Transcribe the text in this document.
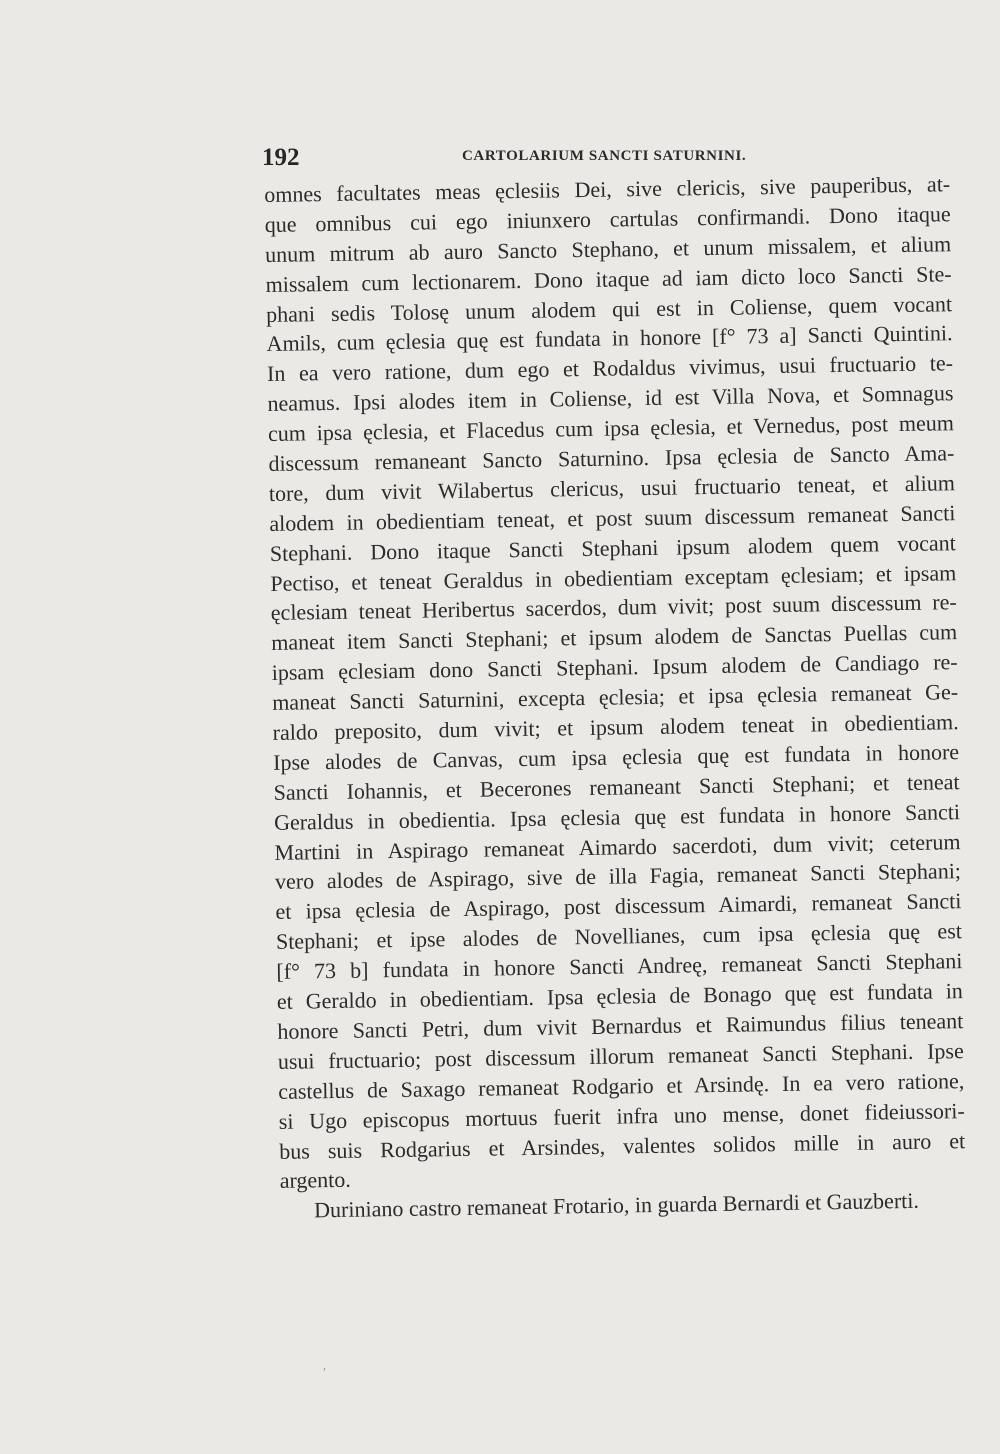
192	CARTOLARIUM SANCTI SATURNINI.
omnes facultates meas ęclesiis Dei, sive clericis, sive pauperibus, at-
que omnibus cui ego iniunxero cartulas confirmandi. Dono itaque
unum mitrum ab auro Sancto Stephano, et unum missalem, et alium
missalem cum lectionarem. Dono itaque ad iam dicto loco Sancti Ste-
phani sedis Tolosę unum alodem qui est in Coliense, quem vocant
Amils, cum ęclesia quę est fundata in honore [f° 73 a] Sancti Quintini.
In ea vero ratione, dum ego et Rodaldus vivimus, usui fructuario te-
neamus. Ipsi alodes item in Coliense, id est Villa Nova, et Somnagus
cum ipsa ęclesia, et Flacedus cum ipsa ęclesia, et Vernedus, post meum
discessum remaneant Sancto Saturnino. Ipsa ęclesia de Sancto Ama-
tore, dum vivit Wilabertus clericus, usui fructuario teneat, et alium
alodem in obedientiam teneat, et post suum discessum remaneat Sancti
Stephani. Dono itaque Sancti Stephani ipsum alodem quem vocant
Pectiso, et teneat Geraldus in obedientiam exceptam ęclesiam; et ipsam
ęclesiam teneat Heribertus sacerdos, dum vivit; post suum discessum re-
maneat item Sancti Stephani; et ipsum alodem de Sanctas Puellas cum
ipsam ęclesiam dono Sancti Stephani. Ipsum alodem de Candiago re-
maneat Sancti Saturnini, excepta ęclesia; et ipsa ęclesia remaneat Ge-
raldo preposito, dum vivit; et ipsum alodem teneat in obedientiam.
Ipse alodes de Canvas, cum ipsa ęclesia quę est fundata in honore
Sancti Iohannis, et Becerones remaneant Sancti Stephani; et teneat
Geraldus in obedientia. Ipsa ęclesia quę est fundata in honore Sancti
Martini in Aspirago remaneat Aimardo sacerdoti, dum vivit; ceterum
vero alodes de Aspirago, sive de illa Fagia, remaneat Sancti Stephani;
et ipsa ęclesia de Aspirago, post discessum Aimardi, remaneat Sancti
Stephani; et ipse alodes de Novellianes, cum ipsa ęclesia quę est
[f° 73 b] fundata in honore Sancti Andreę, remaneat Sancti Stephani
et Geraldo in obedientiam. Ipsa ęclesia de Bonago quę est fundata in
honore Sancti Petri, dum vivit Bernardus et Raimundus filius teneant
usui fructuario; post discessum illorum remaneat Sancti Stephani. Ipse
castellus de Saxago remaneat Rodgario et Arsindę. In ea vero ratione,
si Ugo episcopus mortuus fuerit infra uno mense, donet fideiussori-
bus suis Rodgarius et Arsindes, valentes solidos mille in auro et
argento.
Duriniano castro remaneat Frotario, in guarda Bernardi et Gauzberti.
′
